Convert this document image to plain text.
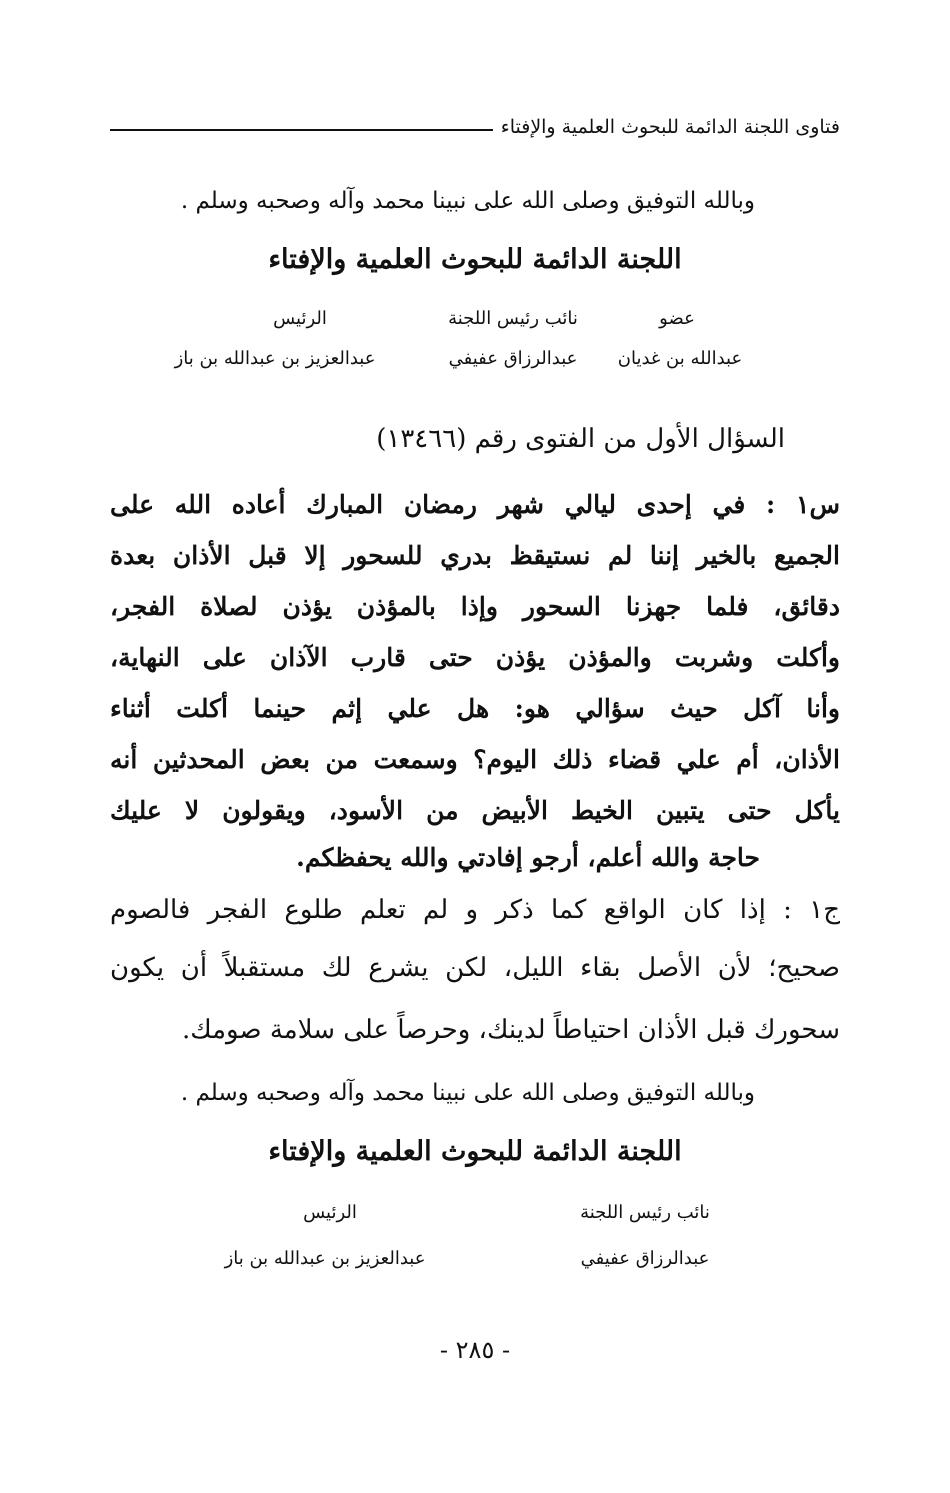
فتاوى اللجنة الدائمة للبحوث العلمية والإفتاء
وبالله التوفيق وصلى الله على نبينا محمد وآله وصحبه وسلم .
اللجنة الدائمة للبحوث العلمية والإفتاء
عضو
نائب رئيس اللجنة
الرئيس
عبدالله بن غديان
عبدالرزاق عفيفي
عبدالعزيز بن عبدالله بن باز
السؤال الأول من الفتوى رقم (١٣٤٦٦)
س١ : في إحدى ليالي شهر رمضان المبارك أعاده الله على
الجميع بالخير إننا لم نستيقظ بدري للسحور إلا قبل الأذان بعدة
دقائق، فلما جهزنا السحور وإذا بالمؤذن يؤذن لصلاة الفجر،
وأكلت وشربت والمؤذن يؤذن حتى قارب الآذان على النهاية،
وأنا آكل حيث سؤالي هو: هل علي إثم حينما أكلت أثناء
الأذان، أم علي قضاء ذلك اليوم؟ وسمعت من بعض المحدثين أنه
يأكل حتى يتبين الخيط الأبيض من الأسود، ويقولون لا عليك
حاجة والله أعلم، أرجو إفادتي والله يحفظكم.
ج١ : إذا كان الواقع كما ذكر و لم تعلم طلوع الفجر فالصوم
صحيح؛ لأن الأصل بقاء الليل، لكن يشرع لك مستقبلاً أن يكون
سحورك قبل الأذان احتياطاً لدينك، وحرصاً على سلامة صومك.
وبالله التوفيق وصلى الله على نبينا محمد وآله وصحبه وسلم .
اللجنة الدائمة للبحوث العلمية والإفتاء
نائب رئيس اللجنة
الرئيس
عبدالرزاق عفيفي
عبدالعزيز بن عبدالله بن باز
- ٢٨٥ -
